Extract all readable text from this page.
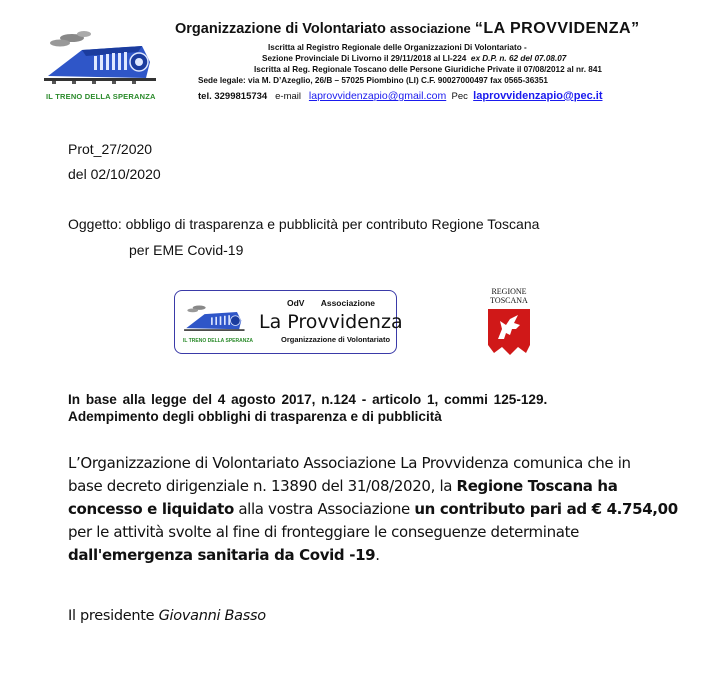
IL TRENO DELLA SPERANZA
Organizzazione di Volontariato associazione “LA PROVVIDENZA”
Iscritta al Registro Regionale delle Organizzazioni Di Volontariato -
Sezione Provinciale Di Livorno il 29/11/2018 al LI-224 ex D.P. n. 62 del 07.08.07
Iscritta al Reg. Regionale Toscano delle Persone Giuridiche Private il 07/08/2012 al nr. 841
Sede legale: via M. D’Azeglio, 26/B – 57025 Piombino (LI) C.F. 90027000497 fax 0565-36351
tel. 3299815734 e-mail laprovvidenzapio@gmail.com Pec laprovvidenzapio@pec.it
Prot_27/2020
del 02/10/2020
Oggetto: obbligo di trasparenza e pubblicità per contributo Regione Toscana
per EME Covid-19
IL TRENO DELLA SPERANZA
OdV Associazione
La Provvidenza
Organizzazione di Volontariato
REGIONE
TOSCANA
In base alla legge del 4 agosto 2017, n.124 - articolo 1, commi 125-129.
Adempimento degli obblighi di trasparenza e di pubblicità
L’Organizzazione di Volontariato Associazione La Provvidenza comunica che in
base decreto dirigenziale n. 13890 del 31/08/2020, la Regione Toscana ha
concesso e liquidato alla vostra Associazione un contributo pari ad € 4.754,00
per le attività svolte al fine di fronteggiare le conseguenze determinate
dall'emergenza sanitaria da Covid -19.
Il presidente Giovanni Basso
